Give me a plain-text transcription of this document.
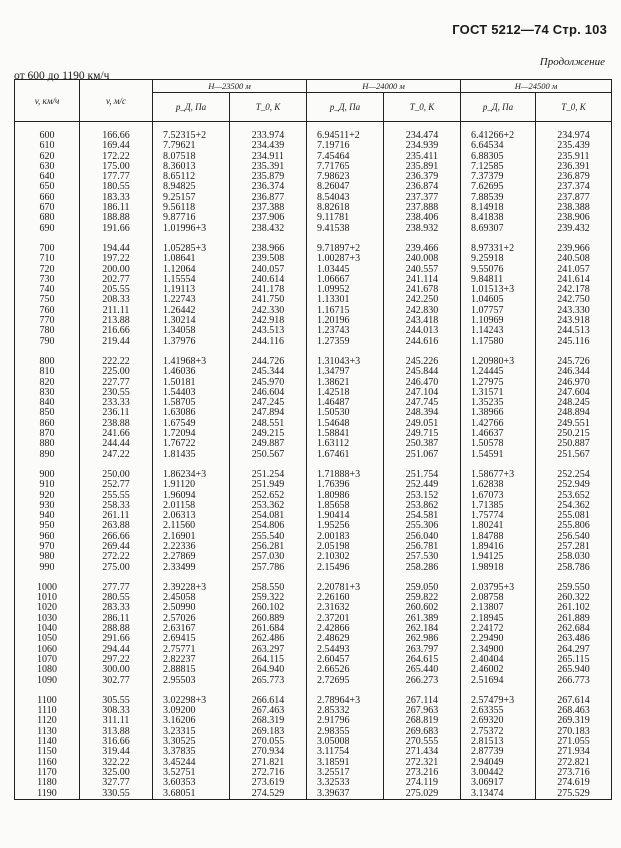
ГОСТ 5212—74 Стр. 103
Продолжение
от 600 до 1190 км/ч
v, км/ч	v, м/с	H—23500 м		H—24000 м		H—24500 м	
		p_Д, Па	T_0, К	p_Д, Па	T_0, К	p_Д, Па	T_0, К
600	166.66	7.52315+2	233.974	6.94511+2	234.474	6.41266+2	234.974
610	169.44	7.79621	234.439	7.19716	234.939	6.64534	235.439
620	172.22	8.07518	234.911	7.45464	235.411	6.88305	235.911
630	175.00	8.36013	235.391	7.71765	235.891	7.12585	236.391
640	177.77	8.65112	235.879	7.98623	236.379	7.37379	236.879
650	180.55	8.94825	236.374	8.26047	236.874	7.62695	237.374
660	183.33	9.25157	236.877	8.54043	237.377	7.88539	237.877
670	186.11	9.56118	237.388	8.82618	237.888	8.14918	238.388
680	188.88	9.87716	237.906	9.11781	238.406	8.41838	238.906
690	191.66	1.01996+3	238.432	9.41538	238.932	8.69307	239.432
700	194.44	1.05285+3	238.966	9.71897+2	239.466	8.97331+2	239.966
710	197.22	1.08641	239.508	1.00287+3	240.008	9.25918	240.508
720	200.00	1.12064	240.057	1.03445	240.557	9.55076	241.057
730	202.77	1.15554	240.614	1.06667	241.114	9.84811	241.614
740	205.55	1.19113	241.178	1.09952	241.678	1.01513+3	242.178
750	208.33	1.22743	241.750	1.13301	242.250	1.04605	242.750
760	211.11	1.26442	242.330	1.16715	242.830	1.07757	243.330
770	213.88	1.30214	242.918	1.20196	243.418	1.10969	243.918
780	216.66	1.34058	243.513	1.23743	244.013	1.14243	244.513
790	219.44	1.37976	244.116	1.27359	244.616	1.17580	245.116
800	222.22	1.41968+3	244.726	1.31043+3	245.226	1.20980+3	245.726
810	225.00	1.46036	245.344	1.34797	245.844	1.24445	246.344
820	227.77	1.50181	245.970	1.38621	246.470	1.27975	246.970
830	230.55	1.54403	246.604	1.42518	247.104	1.31571	247.604
840	233.33	1.58705	247.245	1.46487	247.745	1.35235	248.245
850	236.11	1.63086	247.894	1.50530	248.394	1.38966	248.894
860	238.88	1.67549	248.551	1.54648	249.051	1.42766	249.551
870	241.66	1.72094	249.215	1.58841	249.715	1.46637	250.215
880	244.44	1.76722	249.887	1.63112	250.387	1.50578	250.887
890	247.22	1.81435	250.567	1.67461	251.067	1.54591	251.567
900	250.00	1.86234+3	251.254	1.71888+3	251.754	1.58677+3	252.254
910	252.77	1.91120	251.949	1.76396	252.449	1.62838	252.949
920	255.55	1.96094	252.652	1.80986	253.152	1.67073	253.652
930	258.33	2.01158	253.362	1.85658	253.862	1.71385	254.362
940	261.11	2.06313	254.081	1.90414	254.581	1.75774	255.081
950	263.88	2.11560	254.806	1.95256	255.306	1.80241	255.806
960	266.66	2.16901	255.540	2.00183	256.040	1.84788	256.540
970	269.44	2.22336	256.281	2.05198	256.781	1.89416	257.281
980	272.22	2.27869	257.030	2.10302	257.530	1.94125	258.030
990	275.00	2.33499	257.786	2.15496	258.286	1.98918	258.786
1000	277.77	2.39228+3	258.550	2.20781+3	259.050	2.03795+3	259.550
1010	280.55	2.45058	259.322	2.26160	259.822	2.08758	260.322
1020	283.33	2.50990	260.102	2.31632	260.602	2.13807	261.102
1030	286.11	2.57026	260.889	2.37201	261.389	2.18945	261.889
1040	288.88	2.63167	261.684	2.42866	262.184	2.24172	262.684
1050	291.66	2.69415	262.486	2.48629	262.986	2.29490	263.486
1060	294.44	2.75771	263.297	2.54493	263.797	2.34900	264.297
1070	297.22	2.82237	264.115	2.60457	264.615	2.40404	265.115
1080	300.00	2.88815	264.940	2.66526	265.440	2.46002	265.940
1090	302.77	2.95503	265.773	2.72695	266.273	2.51694	266.773
1100	305.55	3.02298+3	266.614	2.78964+3	267.114	2.57479+3	267.614
1110	308.33	3.09200	267.463	2.85332	267.963	2.63355	268.463
1120	311.11	3.16206	268.319	2.91796	268.819	2.69320	269.319
1130	313.88	3.23315	269.183	2.98355	269.683	2.75372	270.183
1140	316.66	3.30525	270.055	3.05008	270.555	2.81513	271.055
1150	319.44	3.37835	270.934	3.11754	271.434	2.87739	271.934
1160	322.22	3.45244	271.821	3.18591	272.321	2.94049	272.821
1170	325.00	3.52751	272.716	3.25517	273.216	3.00442	273.716
1180	327.77	3.60353	273.619	3.32533	274.119	3.06917	274.619
1190	330.55	3.68051	274.529	3.39637	275.029	3.13474	275.529
